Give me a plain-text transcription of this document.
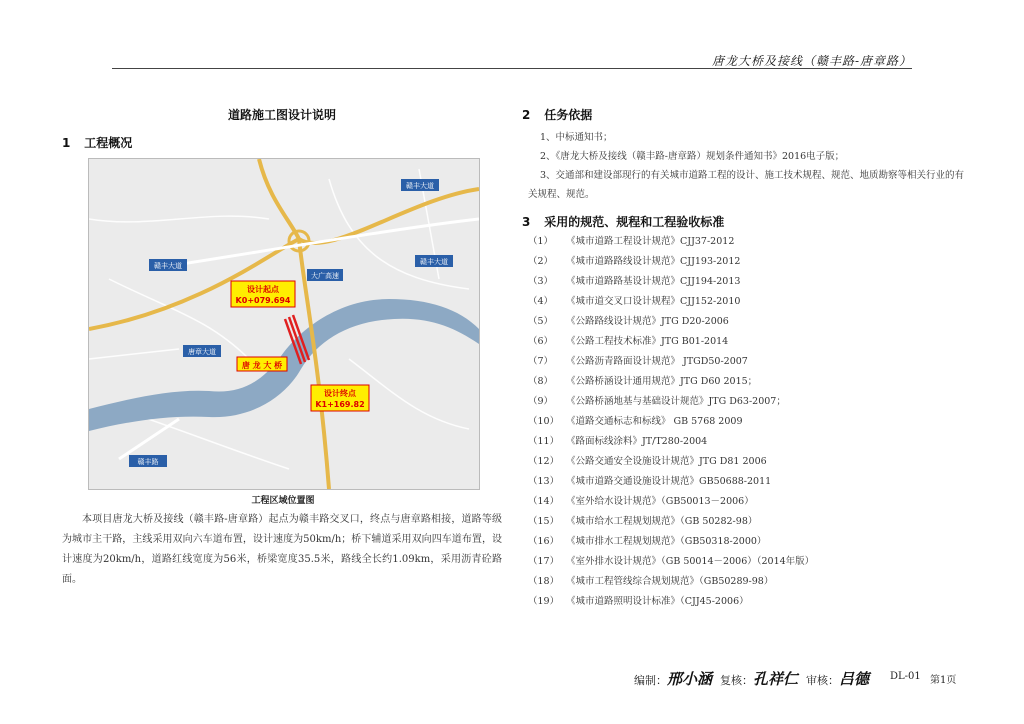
唐龙大桥及接线（赣丰路-唐章路）
道路施工图设计说明
1 工程概况
赣丰大道
赣丰大道
赣丰大道
唐章大道
大广高速
赣丰路
设计起点
K0+079.694
唐 龙 大 桥
设计终点
K1+169.82
工程区域位置图
本项目唐龙大桥及接线（赣丰路-唐章路）起点为赣丰路交叉口，终点与唐章路相接，道路等级为城市主干路，主线采用双向六车道布置，设计速度为50km/h；桥下辅道采用双向四车道布置，设计速度为20km/h，道路红线宽度为56米，桥梁宽度35.5米，路线全长约1.09km，采用沥青砼路面。
2 任务依据
1、中标通知书；
2、《唐龙大桥及接线（赣丰路-唐章路）规划条件通知书》2016电子版；
3、交通部和建设部现行的有关城市道路工程的设计、施工技术规程、规范、地质勘察等相关行业的有关规程、规范。
3 采用的规范、规程和工程验收标准
（1） 《城市道路工程设计规范》CJJ37-2012
（2） 《城市道路路线设计规范》CJJ193-2012
（3） 《城市道路路基设计规范》CJJ194-2013
（4） 《城市道交叉口设计规程》CJJ152-2010
（5） 《公路路线设计规范》JTG D20-2006
（6） 《公路工程技术标准》JTG B01-2014
（7） 《公路沥青路面设计规范》 JTGD50-2007
（8） 《公路桥涵设计通用规范》JTG D60 2015；
（9） 《公路桥涵地基与基础设计规范》JTG D63-2007；
（10） 《道路交通标志和标线》 GB 5768 2009
（11） 《路面标线涂料》JT/T280-2004
（12） 《公路交通安全设施设计规范》JTG D81 2006
（13） 《城市道路交通设施设计规范》GB50688-2011
（14） 《室外给水设计规范》（GB50013－2006）
（15） 《城市给水工程规划规范》（GB 50282-98）
（16） 《城市排水工程规划规范》（GB50318-2000）
（17） 《室外排水设计规范》（GB 50014－2006）（2014年版）
（18） 《城市工程管线综合规划规范》（GB50289-98）
（19） 《城市道路照明设计标准》（CJJ45-2006）
编制：邢小涵 复核：孔祥仁 审核：吕德 DL-01 第1页
